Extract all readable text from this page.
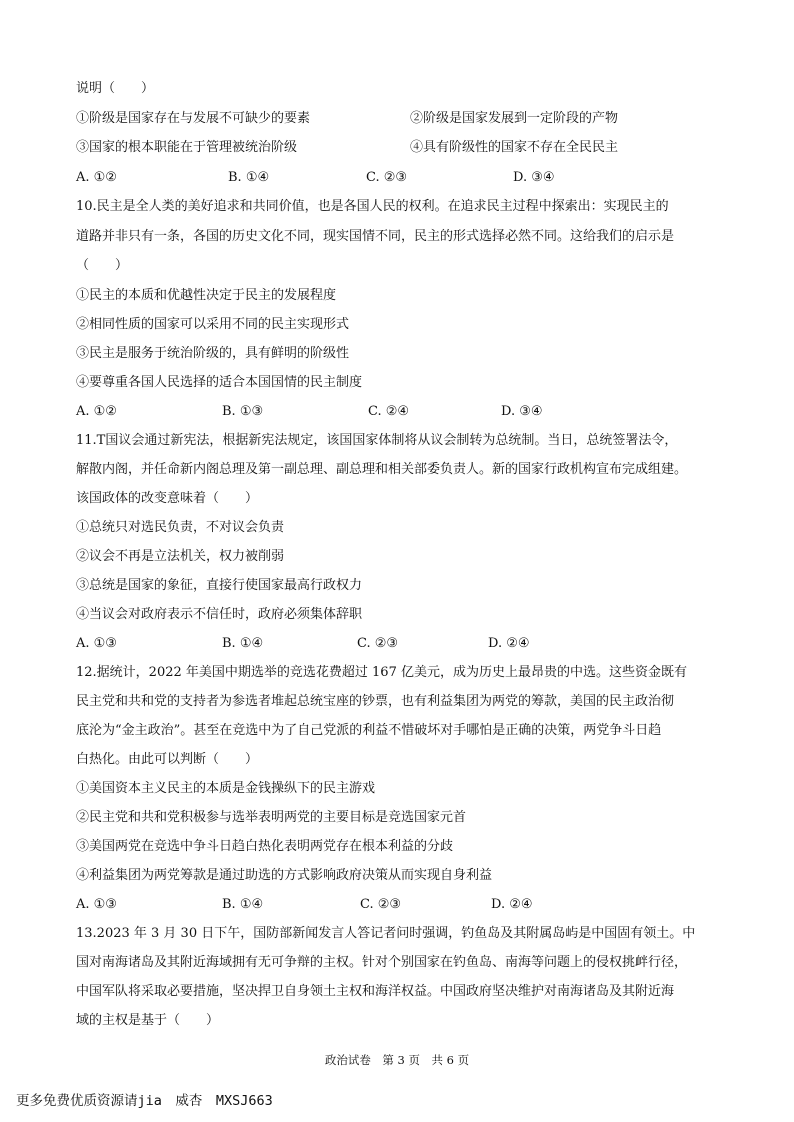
说明（　　）
①阶级是国家存在与发展不可缺少的要素	②阶级是国家发展到一定阶段的产物
③国家的根本职能在于管理被统治阶级	④具有阶级性的国家不存在全民民主
A. ①②	B. ①④	C. ②③	D. ③④
10.民主是全人类的美好追求和共同价值，也是各国人民的权利。在追求民主过程中探索出：实现民主的
道路并非只有一条，各国的历史文化不同，现实国情不同，民主的形式选择必然不同。这给我们的启示是
（　　）
①民主的本质和优越性决定于民主的发展程度
②相同性质的国家可以采用不同的民主实现形式
③民主是服务于统治阶级的，具有鲜明的阶级性
④要尊重各国人民选择的适合本国国情的民主制度
A. ①②	B. ①③	C. ②④	D. ③④
11.T国议会通过新宪法，根据新宪法规定，该国国家体制将从议会制转为总统制。当日，总统签署法令，
解散内阁，并任命新内阁总理及第一副总理、副总理和相关部委负责人。新的国家行政机构宣布完成组建。
该国政体的改变意味着（　　）
①总统只对选民负责，不对议会负责
②议会不再是立法机关，权力被削弱
③总统是国家的象征，直接行使国家最高行政权力
④当议会对政府表示不信任时，政府必须集体辞职
A. ①③	B. ①④	C. ②③	D. ②④
12.据统计，2022 年美国中期选举的竞选花费超过 167 亿美元，成为历史上最昂贵的中选。这些资金既有
民主党和共和党的支持者为参选者堆起总统宝座的钞票，也有利益集团为两党的筹款，美国的民主政治彻
底沦为“金主政治”。甚至在竞选中为了自己党派的利益不惜破坏对手哪怕是正确的决策，两党争斗日趋
白热化。由此可以判断（　　）
①美国资本主义民主的本质是金钱操纵下的民主游戏
②民主党和共和党积极参与选举表明两党的主要目标是竞选国家元首
③美国两党在竞选中争斗日趋白热化表明两党存在根本利益的分歧
④利益集团为两党筹款是通过助选的方式影响政府决策从而实现自身利益
A. ①③	B. ①④	C. ②③	D. ②④
13.2023 年 3 月 30 日下午，国防部新闻发言人答记者问时强调，钓鱼岛及其附属岛屿是中国固有领土。中
国对南海诸岛及其附近海域拥有无可争辩的主权。针对个别国家在钓鱼岛、南海等问题上的侵权挑衅行径，
中国军队将采取必要措施，坚决捍卫自身领土主权和海洋权益。中国政府坚决维护对南海诸岛及其附近海
域的主权是基于（　　）
政治试卷　第 3 页　共 6 页
更多免费优质资源请jia　威杏　MXSJ663
